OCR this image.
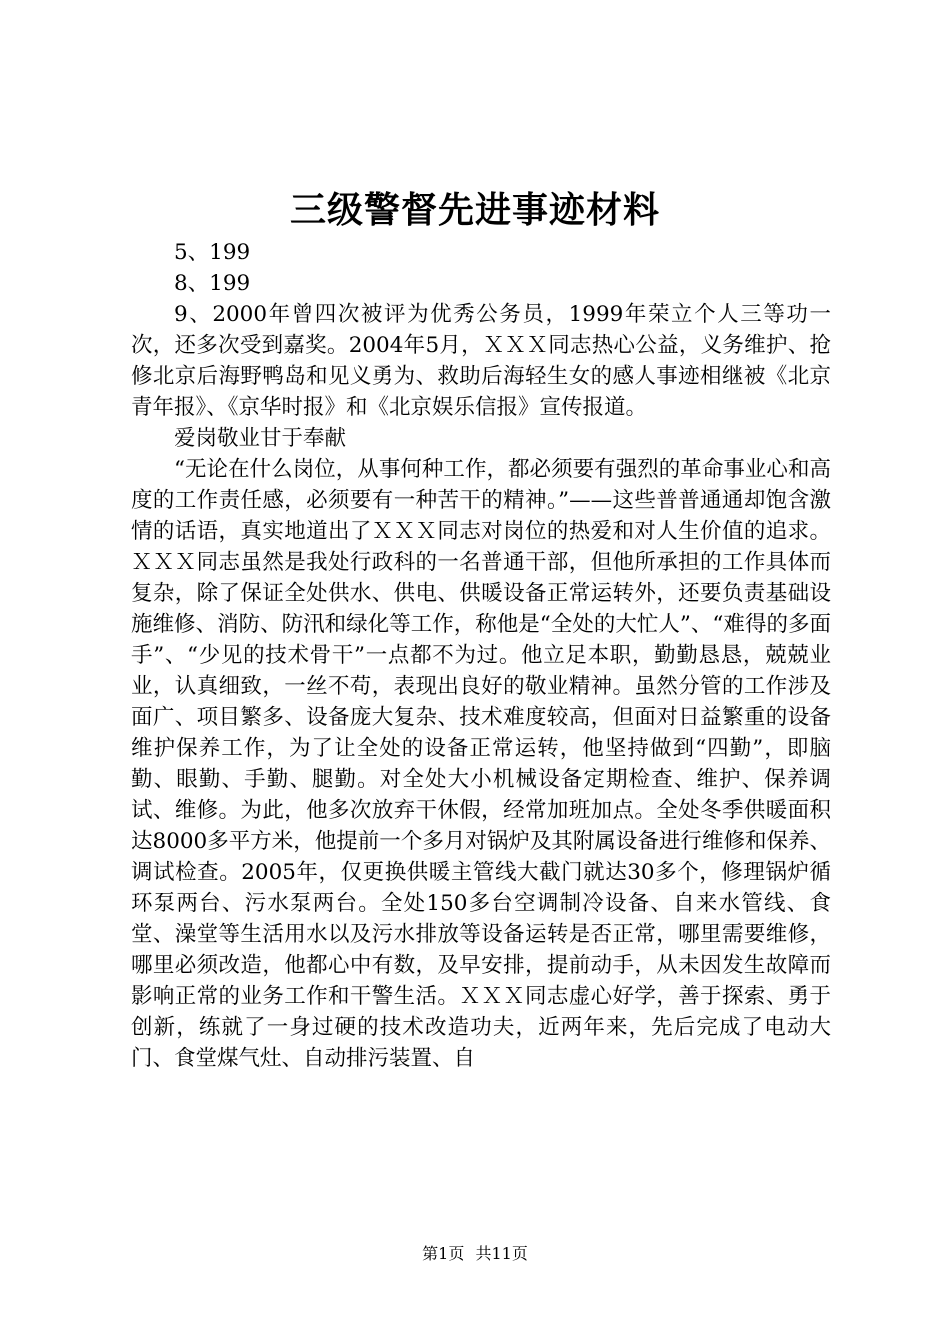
三级警督先进事迹材料

5、199

8、199

9、2000年曾四次被评为优秀公务员，1999年荣立个人三等功一次，还多次受到嘉奖。2004年5月，ＸＸＸ同志热心公益，义务维护、抢修北京后海野鸭岛和见义勇为、救助后海轻生女的感人事迹相继被《北京青年报》、《京华时报》和《北京娱乐信报》宣传报道。

爱岗敬业甘于奉献

“无论在什么岗位，从事何种工作，都必须要有强烈的革命事业心和高度的工作责任感，必须要有一种苦干的精神。”——这些普普通通却饱含激情的话语，真实地道出了ＸＸＸ同志对岗位的热爱和对人生价值的追求。ＸＸＸ同志虽然是我处行政科的一名普通干部，但他所承担的工作具体而复杂，除了保证全处供水、供电、供暖设备正常运转外，还要负责基础设施维修、消防、防汛和绿化等工作，称他是“全处的大忙人”、“难得的多面手”、“少见的技术骨干”一点都不为过。他立足本职，勤勤恳恳，兢兢业业，认真细致，一丝不苟，表现出良好的敬业精神。虽然分管的工作涉及面广、项目繁多、设备庞大复杂、技术难度较高，但面对日益繁重的设备维护保养工作，为了让全处的设备正常运转，他坚持做到“四勤”，即脑勤、眼勤、手勤、腿勤。对全处大小机械设备定期检查、维护、保养调试、维修。为此，他多次放弃干休假，经常加班加点。全处冬季供暖面积达8000多平方米，他提前一个多月对锅炉及其附属设备进行维修和保养、调试检查。2005年，仅更换供暖主管线大截门就达30多个，修理锅炉循环泵两台、污水泵两台。全处150多台空调制冷设备、自来水管线、食堂、澡堂等生活用水以及污水排放等设备运转是否正常，哪里需要维修，哪里必须改造，他都心中有数，及早安排，提前动手，从未因发生故障而影响正常的业务工作和干警生活。ＸＸＸ同志虚心好学，善于探索、勇于创新，练就了一身过硬的技术改造功夫，近两年来，先后完成了电动大门、食堂煤气灶、自动排污装置、自

第1页 共11页
